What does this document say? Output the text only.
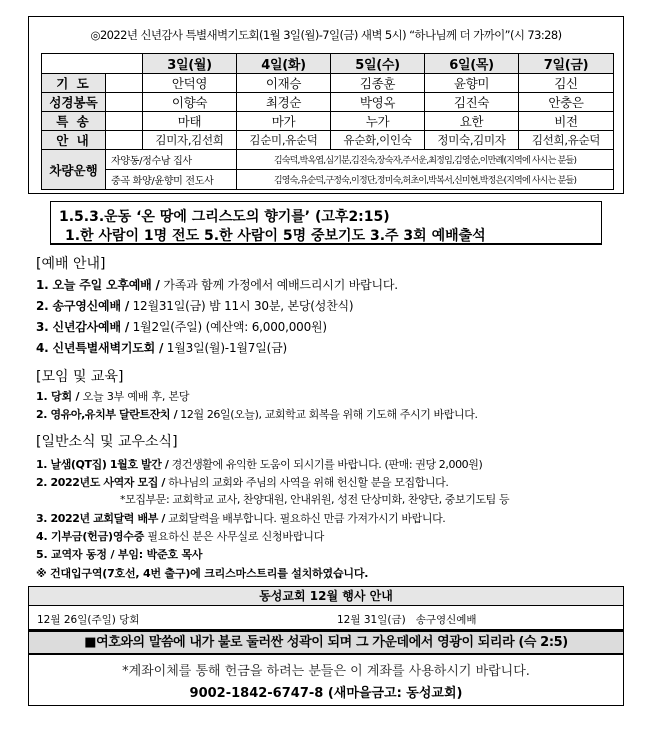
◎2022년 신년감사 특별새벽기도회(1월 3일(월)-7일(금) 새벽 5시) “하나님께 더 가까이”(시 73:28)
		3일(월)	4일(화)	5일(수)	6일(목)	7일(금)
기 도		안덕영	이재승	김종훈	윤향미	김신
성경봉독		이향숙	최경순	박영옥	김진숙	안충은
특 송		마태	마가	누가	요한	비전
안 내		김미자,김선희	김순미,유순덕	유순화,이인숙	정미숙,김미자	김선희,유순덕
차량운행	자양동/정수남 집사		김숙덕,박옥엽,심기분,김진숙,장숙자,주서운,최정임,김영순,이만례(지역에 사시는 분들)			
	중곡 화양/윤향미 전도사		김영숙,유순덕,구정숙,이정단,정미숙,허초이,박복서,신미현,박정은(지역에 사시는 분들)			
1.5.3.운동 ‘온 땅에 그리스도의 향기를’ (고후2:15)
1.한 사람이 1명 전도 5.한 사람이 5명 중보기도 3.주 3회 예배출석
[예배 안내]
1. 오늘 주일 오후예배 / 가족과 함께 가정에서 예배드리시기 바랍니다.
2. 송구영신예배 / 12월31일(금) 밤 11시 30분, 본당(성찬식)
3. 신년감사예배 / 1월2일(주일) (예산액: 6,000,000원)
4. 신년특별새벽기도회 / 1월3일(월)-1월7일(금)
[모임 및 교육]
1. 당회 / 오늘 3부 예배 후, 본당
2. 영유아,유치부 달란트잔치 / 12월 26일(오늘), 교회학교 회복을 위해 기도해 주시기 바랍니다.
[일반소식 및 교우소식]
1. 날샘(QT집) 1월호 발간 / 경건생활에 유익한 도움이 되시기를 바랍니다. (판매: 권당 2,000원)
2. 2022년도 사역자 모집 / 하나님의 교회와 주님의 사역을 위해 헌신할 분을 모집합니다.
*모집부문: 교회학교 교사, 찬양대원, 안내위원, 성전 단상미화, 찬양단, 중보기도팀 등
3. 2022년 교회달력 배부 / 교회달력을 배부합니다. 필요하신 만큼 가져가시기 바랍니다.
4. 기부금(헌금)영수증 필요하신 분은 사무실로 신청바랍니다
5. 교역자 동정 / 부임: 박준호 목사
※ 건대입구역(7호선, 4번 출구)에 크리스마스트리를 설치하였습니다.
동성교회 12월 행사 안내
12월 26일(주일) 당회	12월 31일(금) 송구영신예배
■여호와의 말씀에 내가 불로 둘러싼 성곽이 되며 그 가운데에서 영광이 되리라 (슥 2:5)
*계좌이체를 통해 헌금을 하려는 분들은 이 계좌를 사용하시기 바랍니다.
9002-1842-6747-8 (새마을금고: 동성교회)
